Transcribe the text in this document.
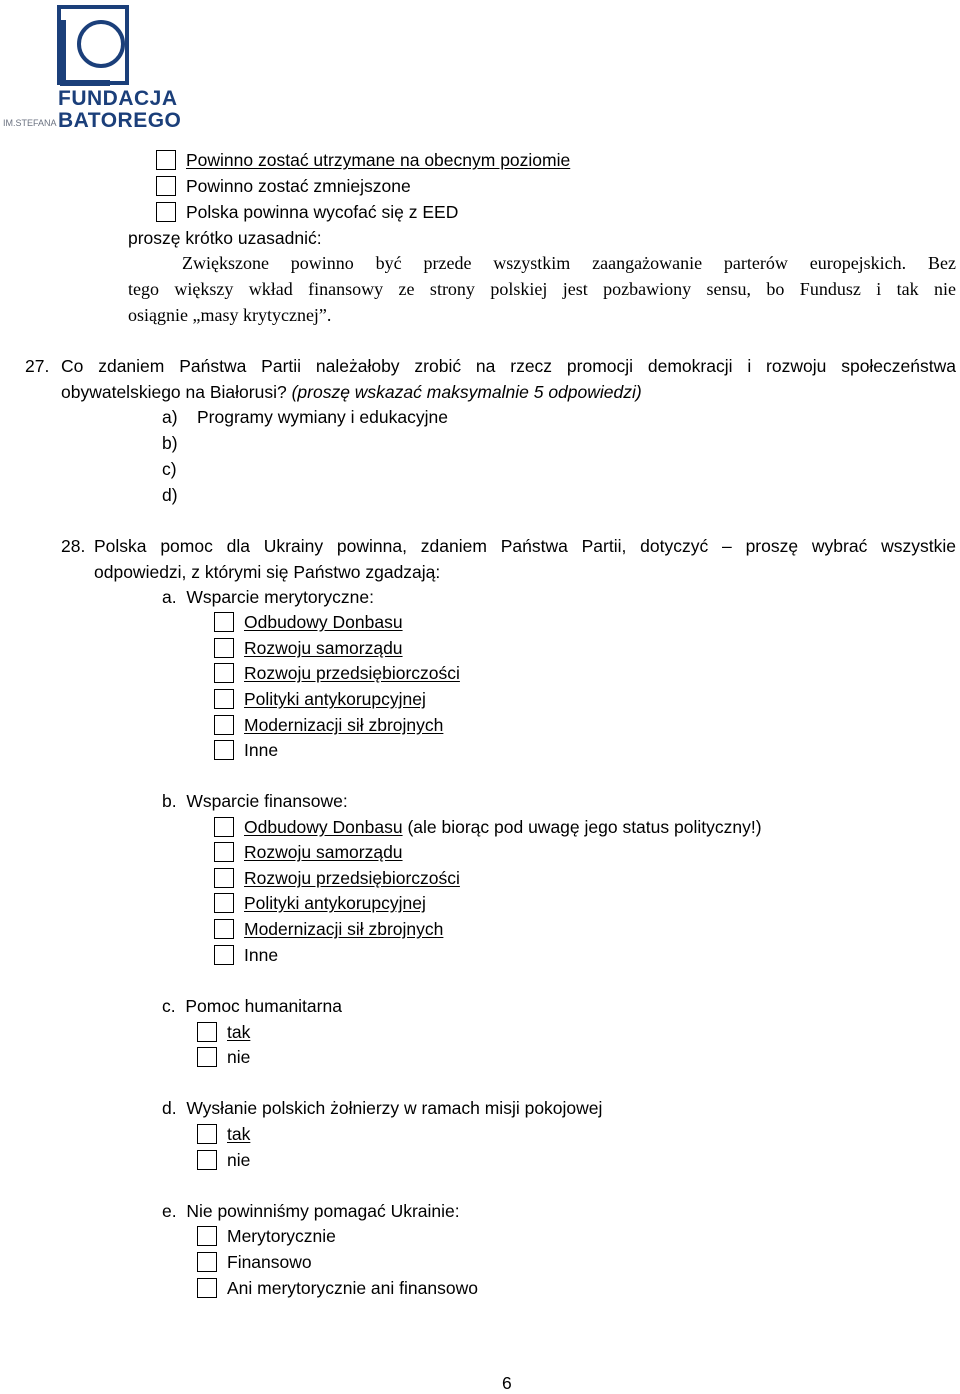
FUNDACJA
IM.STEFANA BATOREGO
Powinno zostać utrzymane na obecnym poziomie
Powinno zostać zmniejszone
Polska powinna wycofać się z EED
proszę krótko uzasadnić:
Zwiększone powinno być przede wszystkim zaangażowanie parterów europejskich. Bez
tego większy wkład finansowy ze strony polskiej jest pozbawiony sensu, bo Fundusz i tak nie
osiągnie „masy krytycznej”.
27. Co zdaniem Państwa Partii należałoby zrobić na rzecz promocji demokracji i rozwoju społeczeństwa
obywatelskiego na Białorusi? (proszę wskazać maksymalnie 5 odpowiedzi)
a) Programy wymiany i edukacyjne
b)
c)
d)
28. Polska pomoc dla Ukrainy powinna, zdaniem Państwa Partii, dotyczyć – proszę wybrać wszystkie
odpowiedzi, z którymi się Państwo zgadzają:
a.  Wsparcie merytoryczne:
Odbudowy Donbasu
Rozwoju samorządu
Rozwoju przedsiębiorczości
Polityki antykorupcyjnej
Modernizacji sił zbrojnych
Inne
b.  Wsparcie finansowe:
Odbudowy Donbasu (ale biorąc pod uwagę jego status polityczny!)
Rozwoju samorządu
Rozwoju przedsiębiorczości
Polityki antykorupcyjnej
Modernizacji sił zbrojnych
Inne
c.  Pomoc humanitarna
tak
nie
d.  Wysłanie polskich żołnierzy w ramach misji pokojowej
tak
nie
e.  Nie powinniśmy pomagać Ukrainie:
Merytorycznie
Finansowo
Ani merytorycznie ani finansowo
6
